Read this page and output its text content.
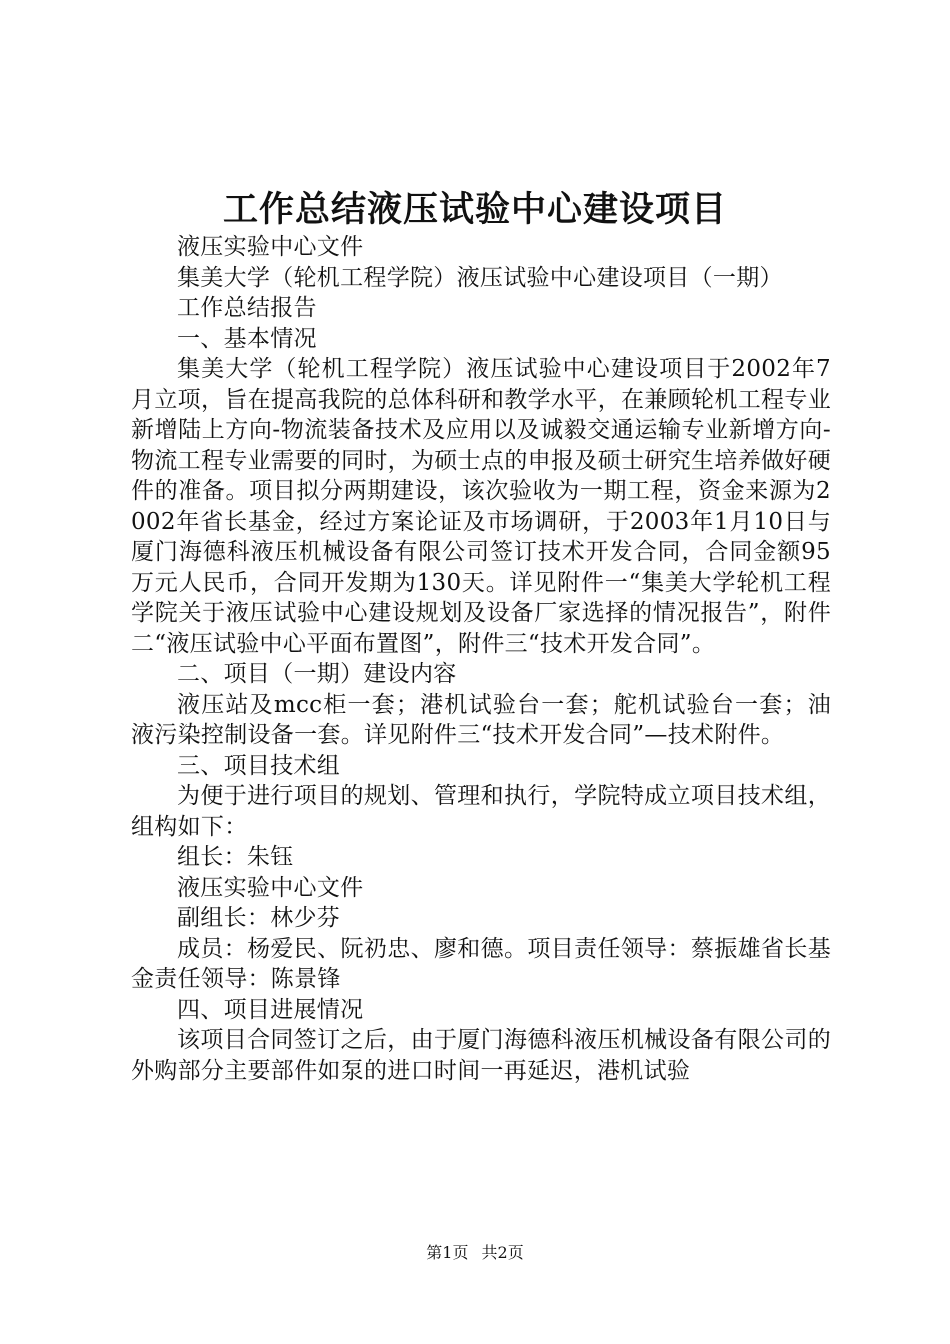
工作总结液压试验中心建设项目

液压实验中心文件

集美大学（轮机工程学院）液压试验中心建设项目（一期）

工作总结报告

一、基本情况

集美大学（轮机工程学院）液压试验中心建设项目于2002年7月立项，旨在提高我院的总体科研和教学水平，在兼顾轮机工程专业新增陆上方向-物流装备技术及应用以及诚毅交通运输专业新增方向-物流工程专业需要的同时，为硕士点的申报及硕士研究生培养做好硬件的准备。项目拟分两期建设，该次验收为一期工程，资金来源为2002年省长基金，经过方案论证及市场调研，于2003年1月10日与厦门海德科液压机械设备有限公司签订技术开发合同，合同金额95万元人民币，合同开发期为130天。详见附件一“集美大学轮机工程学院关于液压试验中心建设规划及设备厂家选择的情况报告”，附件二“液压试验中心平面布置图”，附件三“技术开发合同”。

二、项目（一期）建设内容

液压站及mcc柜一套；港机试验台一套；舵机试验台一套；油液污染控制设备一套。详见附件三“技术开发合同”—技术附件。

三、项目技术组

为便于进行项目的规划、管理和执行，学院特成立项目技术组，组构如下：

组长：朱钰

液压实验中心文件

副组长：林少芬

成员：杨爱民、阮礽忠、廖和德。项目责任领导：蔡振雄省长基金责任领导：陈景锋

四、项目进展情况

该项目合同签订之后，由于厦门海德科液压机械设备有限公司的外购部分主要部件如泵的进口时间一再延迟，港机试验

第1页 共2页
